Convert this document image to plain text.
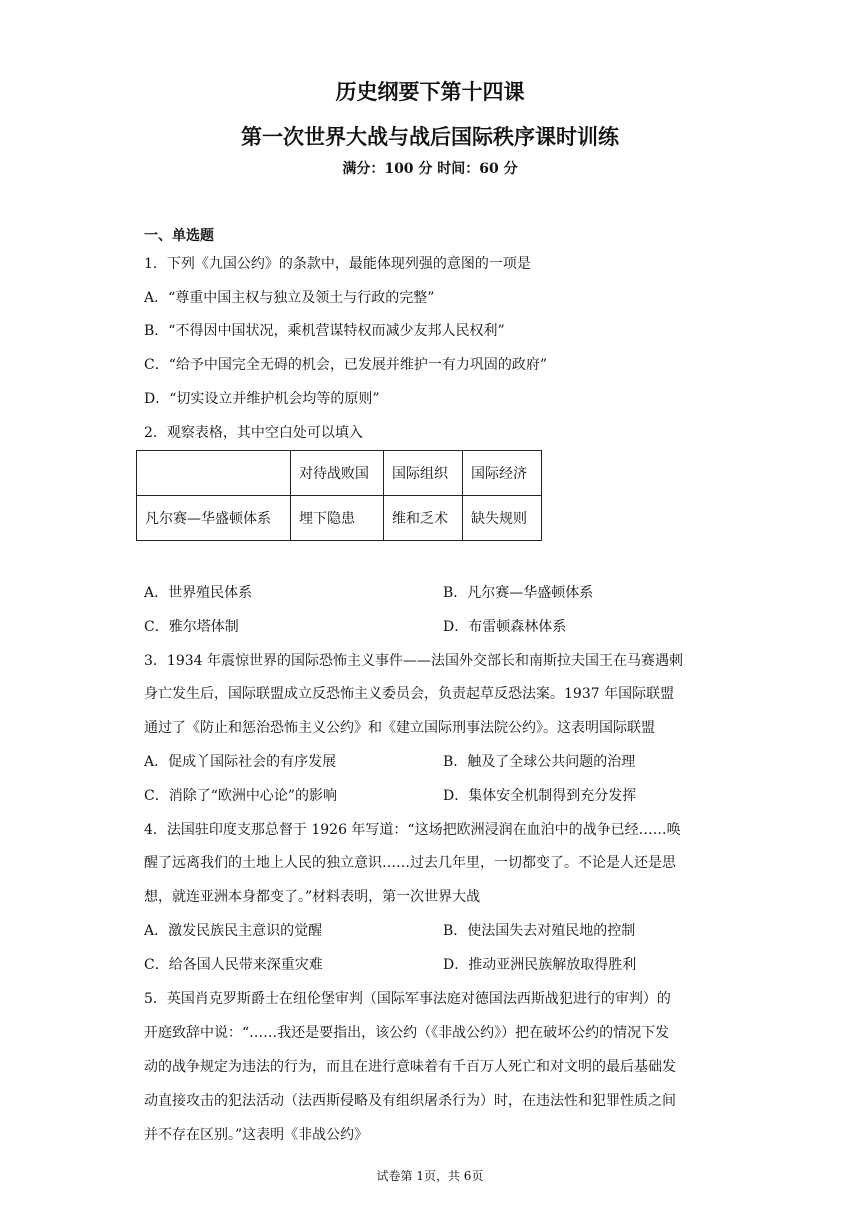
历史纲要下第十四课
第一次世界大战与战后国际秩序课时训练
满分：100 分 时间：60 分
一、单选题
1．下列《九国公约》的条款中，最能体现列强的意图的一项是
A．“尊重中国主权与独立及领土与行政的完整”
B．“不得因中国状况，乘机营谋特权而减少友邦人民权利”
C．“给予中国完全无碍的机会，已发展并维护一有力巩固的政府”
D．“切实设立并维护机会均等的原则”
2．观察表格，其中空白处可以填入
	对待战败国	国际组织	国际经济
凡尔赛—华盛顿体系	埋下隐患	维和乏术	缺失规则
A．世界殖民体系	B．凡尔赛—华盛顿体系
C．雅尔塔体制	D．布雷顿森林体系
3．1934 年震惊世界的国际恐怖主义事件——法国外交部长和南斯拉夫国王在马赛遇刺
身亡发生后，国际联盟成立反恐怖主义委员会，负责起草反恐法案。1937 年国际联盟
通过了《防止和惩治恐怖主义公约》和《建立国际刑事法院公约》。这表明国际联盟
A．促成丫国际社会的有序发展	B．触及了全球公共问题的治理
C．消除了“欧洲中心论”的影响	D．集体安全机制得到充分发挥
4．法国驻印度支那总督于 1926 年写道：“这场把欧洲浸润在血泊中的战争已经……唤
醒了远离我们的土地上人民的独立意识……过去几年里，一切都变了。不论是人还是思
想，就连亚洲本身都变了。”材料表明，第一次世界大战
A．激发民族民主意识的觉醒	B．使法国失去对殖民地的控制
C．给各国人民带来深重灾难	D．推动亚洲民族解放取得胜利
5．英国肖克罗斯爵士在纽伦堡审判（国际军事法庭对德国法西斯战犯进行的审判）的
开庭致辞中说：“……我还是要指出，该公约（《非战公约》）把在破坏公约的情况下发
动的战争规定为违法的行为，而且在进行意味着有千百万人死亡和对文明的最后基础发
动直接攻击的犯法活动（法西斯侵略及有组织屠杀行为）时，在违法性和犯罪性质之间
并不存在区别。”这表明《非战公约》
试卷第 1页，共 6页
